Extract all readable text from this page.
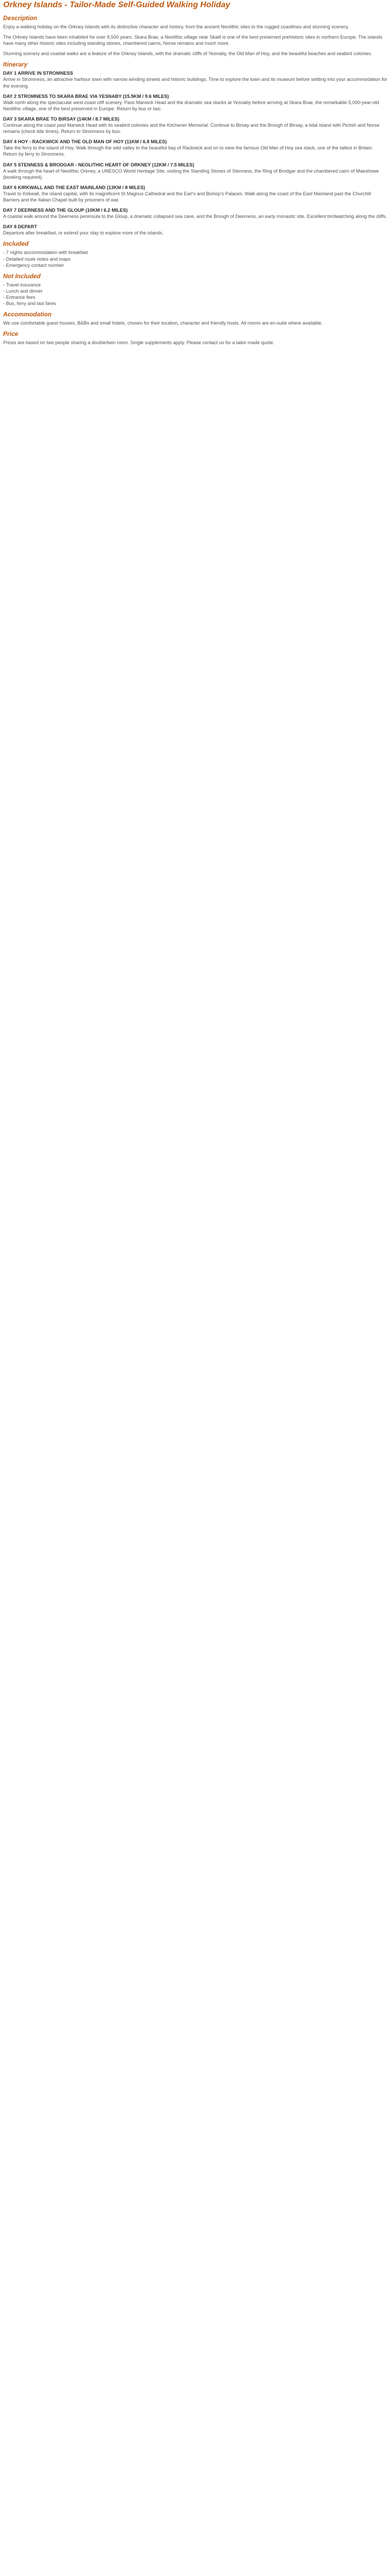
Orkney Islands - Tailor-Made Self-Guided Walking Holiday
Description

Enjoy a walking holiday on the Orkney Islands with its distinctive character and history, from the ancient Neolithic sites to the rugged coastlines and stunning scenery.

The Orkney Islands have been inhabited for over 8,500 years. Skara Brae, a Neolithic village near Skaill is one of the best preserved prehistoric sites in northern Europe. The islands have many other historic sites including standing stones, chambered cairns, Norse remains and much more.

Stunning scenery and coastal walks are a feature of the Orkney Islands, with the dramatic cliffs of Yesnaby, the Old Man of Hoy, and the beautiful beaches and seabird colonies.

Itinerary
DAY 1 ARRIVE IN STROMNESS

Arrive in Stromness, an attractive harbour town with narrow winding streets and historic buildings. Time to explore the town and its museum before settling into your accommodation for the evening.

DAY 2 STROMNESS TO SKARA BRAE VIA YESNABY (15.5KM / 9.6 MILES)

Walk north along the spectacular west coast cliff scenery. Pass Marwick Head and the dramatic sea stacks at Yesnaby before arriving at Skara Brae, the remarkable 5,000-year-old Neolithic village, one of the best preserved in Europe. Return by bus or taxi.

DAY 3 SKARA BRAE TO BIRSAY (14KM / 8.7 MILES)

Continue along the coast past Marwick Head with its seabird colonies and the Kitchener Memorial. Continue to Birsay and the Brough of Birsay, a tidal island with Pictish and Norse remains (check tide times). Return to Stromness by bus.

DAY 4 HOY - RACKWICK AND THE OLD MAN OF HOY (11KM / 6.8 MILES)

Take the ferry to the island of Hoy. Walk through the wild valley to the beautiful bay of Rackwick and on to view the famous Old Man of Hoy sea stack, one of the tallest in Britain. Return by ferry to Stromness.

DAY 5 STENNESS & BRODGAR - NEOLITHIC HEART OF ORKNEY (12KM / 7.5 MILES)

A walk through the heart of Neolithic Orkney, a UNESCO World Heritage Site, visiting the Standing Stones of Stenness, the Ring of Brodgar and the chambered cairn of Maeshowe (booking required).

DAY 6 KIRKWALL AND THE EAST MAINLAND (13KM / 8 MILES)

Travel to Kirkwall, the island capital, with its magnificent St Magnus Cathedral and the Earl's and Bishop's Palaces. Walk along the coast of the East Mainland past the Churchill Barriers and the Italian Chapel built by prisoners of war.

DAY 7 DEERNESS AND THE GLOUP (10KM / 6.2 MILES)

A coastal walk around the Deerness peninsula to the Gloup, a dramatic collapsed sea cave, and the Brough of Deerness, an early monastic site. Excellent birdwatching along the cliffs.

DAY 8 DEPART

Departure after breakfast, or extend your stay to explore more of the islands.

Included
- 7 nights accommodation with breakfast
- Detailed route notes and maps
- Emergency contact number
Not Included
- Travel insurance
- Lunch and dinner
- Entrance fees
- Bus, ferry and taxi fares
Accommodation

We use comfortable guest houses, B&Bs and small hotels, chosen for their location, character and friendly hosts. All rooms are en-suite where available.

Price

Prices are based on two people sharing a double/twin room. Single supplements apply. Please contact us for a tailor-made quote.
